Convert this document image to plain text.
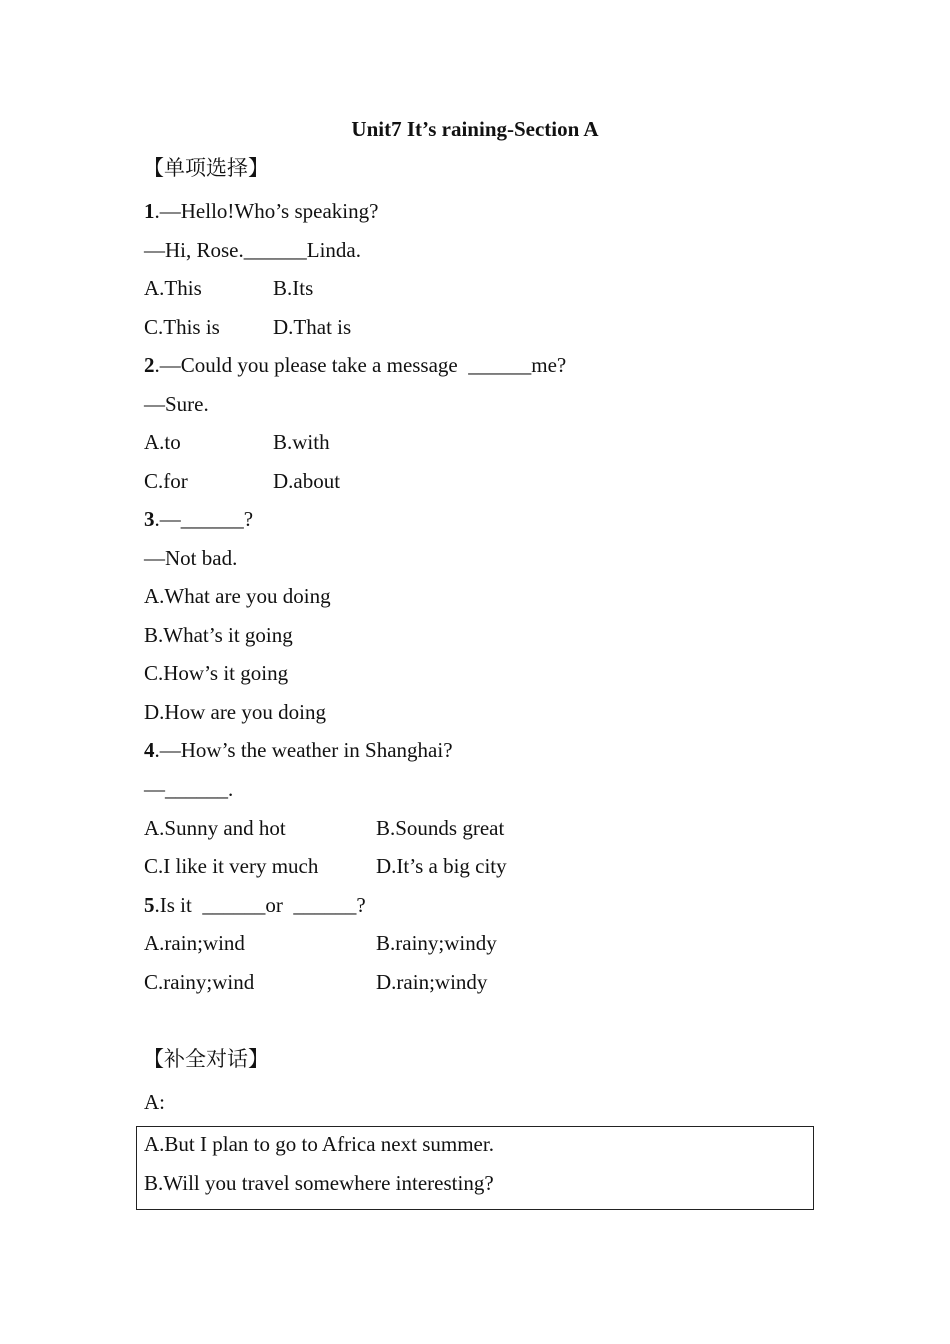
Unit7 It’s raining-Section A
【单项选择】
1.—Hello!Who’s speaking?
—Hi, Rose.______Linda.
A.This	B.Its
C.This is	D.That is
2.—Could you please take a message  ______me?
—Sure.
A.to	B.with
C.for	D.about
3.—______?
—Not bad.
A.What are you doing
B.What’s it going
C.How’s it going
D.How are you doing
4.—How’s the weather in Shanghai?
—______.
A.Sunny and hot	B.Sounds great
C.I like it very much	D.It’s a big city
5.Is it  ______or  ______?
A.rain;wind	B.rainy;windy
C.rainy;wind	D.rain;windy
【补全对话】
A:
A.But I plan to go to Africa next summer.
B.Will you travel somewhere interesting?
